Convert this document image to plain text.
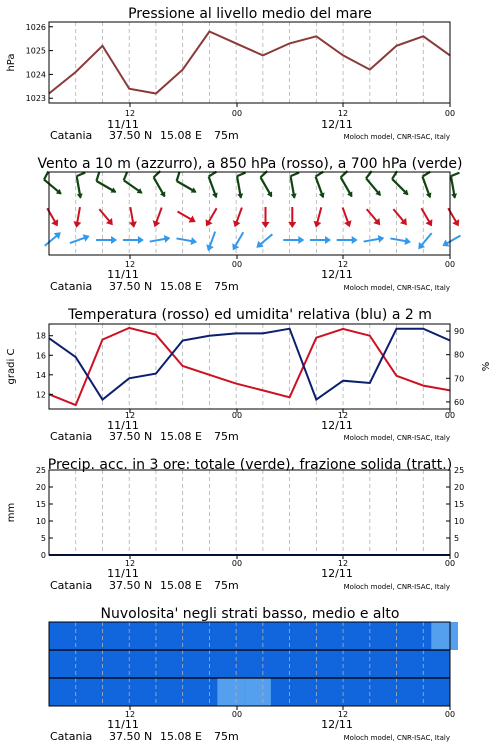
Pressione al livello medio del mare
12	00	12	00
11/11	12/11
Catania 37.50 N 15.08 E 75m	Moloch model, CNR-ISAC, Italy
1023
1024
1025
1026
hPa
Vento a 10 m (azzurro), a 850 hPa (rosso), a 700 hPa (verde)
12	00	12	00
11/11	12/11
Catania 37.50 N 15.08 E 75m	Moloch model, CNR-ISAC, Italy
Temperatura (rosso) ed umidita' relativa (blu) a 2 m
12	00	12	00
11/11	12/11
Catania 37.50 N 15.08 E 75m	Moloch model, CNR-ISAC, Italy
12
14
16
18
60
70
80
90
gradi C	%
Precip. acc. in 3 ore: totale (verde), frazione solida (tratt.)
12	00	12	00
11/11	12/11
Catania 37.50 N 15.08 E 75m	Moloch model, CNR-ISAC, Italy
0
5
10
15
20
25
0
5
10
15
20
25
mm
Nuvolosita' negli strati basso, medio e alto
12	00	12	00
11/11	12/11
Catania 37.50 N 15.08 E 75m	Moloch model, CNR-ISAC, Italy
